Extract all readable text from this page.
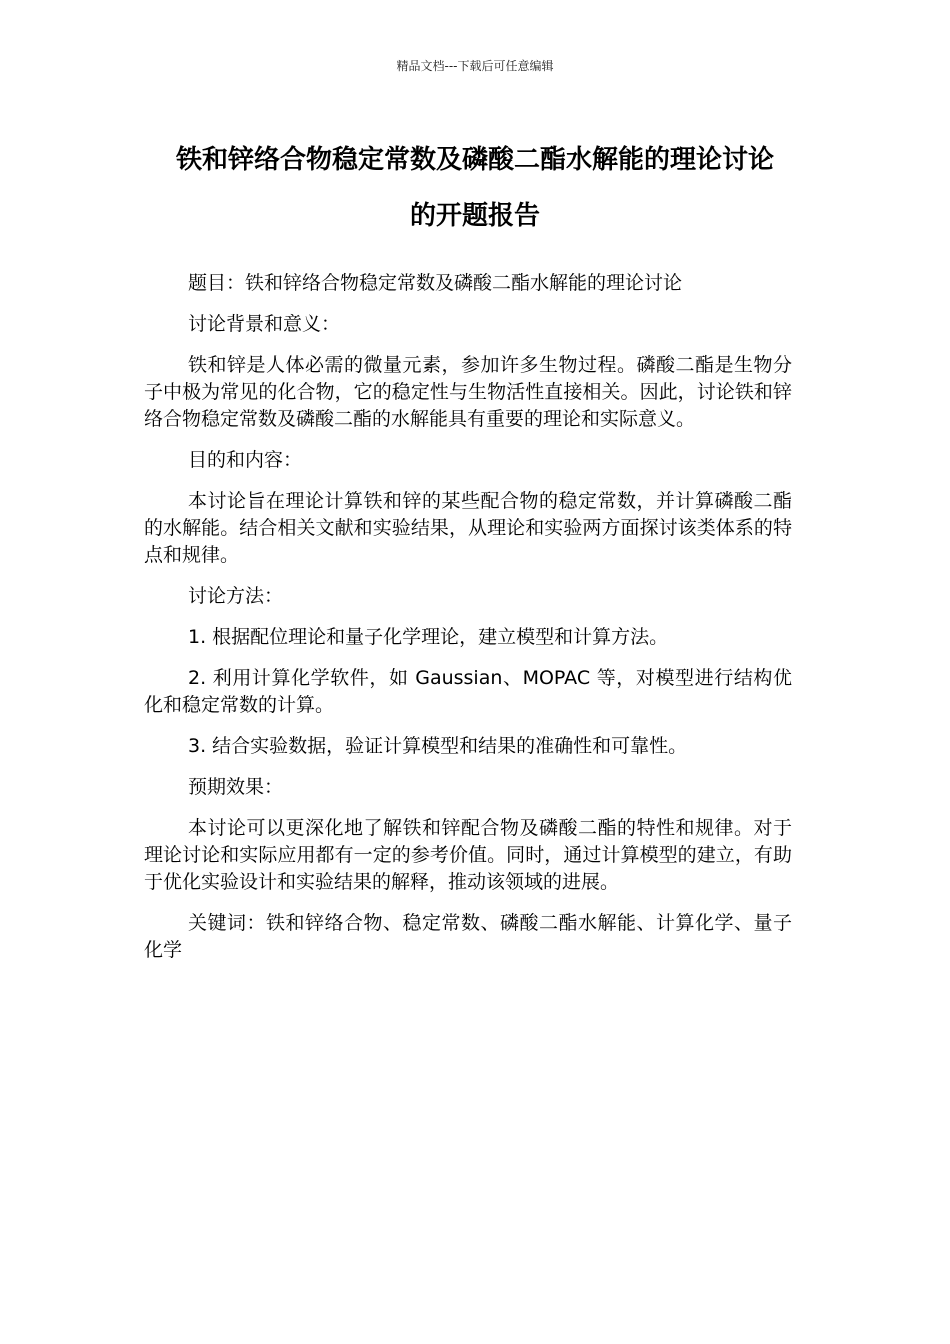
精品文档---下载后可任意编辑
铁和锌络合物稳定常数及磷酸二酯水解能的理论讨论
的开题报告

题目：铁和锌络合物稳定常数及磷酸二酯水解能的理论讨论

讨论背景和意义：

铁和锌是人体必需的微量元素，参加许多生物过程。磷酸二酯是生物分子中极为常见的化合物，它的稳定性与生物活性直接相关。因此，讨论铁和锌络合物稳定常数及磷酸二酯的水解能具有重要的理论和实际意义。

目的和内容：

本讨论旨在理论计算铁和锌的某些配合物的稳定常数，并计算磷酸二酯的水解能。结合相关文献和实验结果，从理论和实验两方面探讨该类体系的特点和规律。

讨论方法：

1. 根据配位理论和量子化学理论，建立模型和计算方法。

2. 利用计算化学软件，如 Gaussian、MOPAC 等，对模型进行结构优化和稳定常数的计算。

3. 结合实验数据，验证计算模型和结果的准确性和可靠性。

预期效果：

本讨论可以更深化地了解铁和锌配合物及磷酸二酯的特性和规律。对于理论讨论和实际应用都有一定的参考价值。同时，通过计算模型的建立，有助于优化实验设计和实验结果的解释，推动该领域的进展。

关键词：铁和锌络合物、稳定常数、磷酸二酯水解能、计算化学、量子化学
